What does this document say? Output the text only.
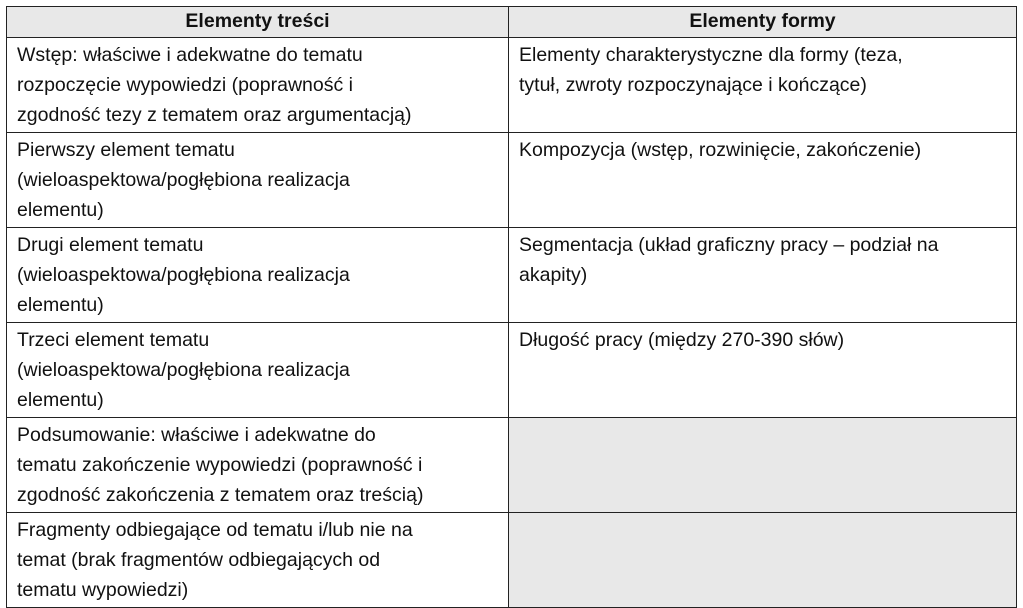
Elementy treści	Elementy formy

Wstęp: właściwe i adekwatne do tematu
rozpoczęcie wypowiedzi (poprawność i
zgodność tezy z tematem oraz argumentacją)	Elementy charakterystyczne dla formy (teza,
tytuł, zwroty rozpoczynające i kończące)

Pierwszy element tematu
(wieloaspektowa/pogłębiona realizacja
elementu)	Kompozycja (wstęp, rozwinięcie, zakończenie)

Drugi element tematu
(wieloaspektowa/pogłębiona realizacja
elementu)	Segmentacja (układ graficzny pracy – podział na
akapity)

Trzeci element tematu
(wieloaspektowa/pogłębiona realizacja
elementu)	Długość pracy (między 270-390 słów)

Podsumowanie: właściwe i adekwatne do
tematu zakończenie wypowiedzi (poprawność i
zgodność zakończenia z tematem oraz treścią)	

Fragmenty odbiegające od tematu i/lub nie na
temat (brak fragmentów odbiegających od
tematu wypowiedzi)	
